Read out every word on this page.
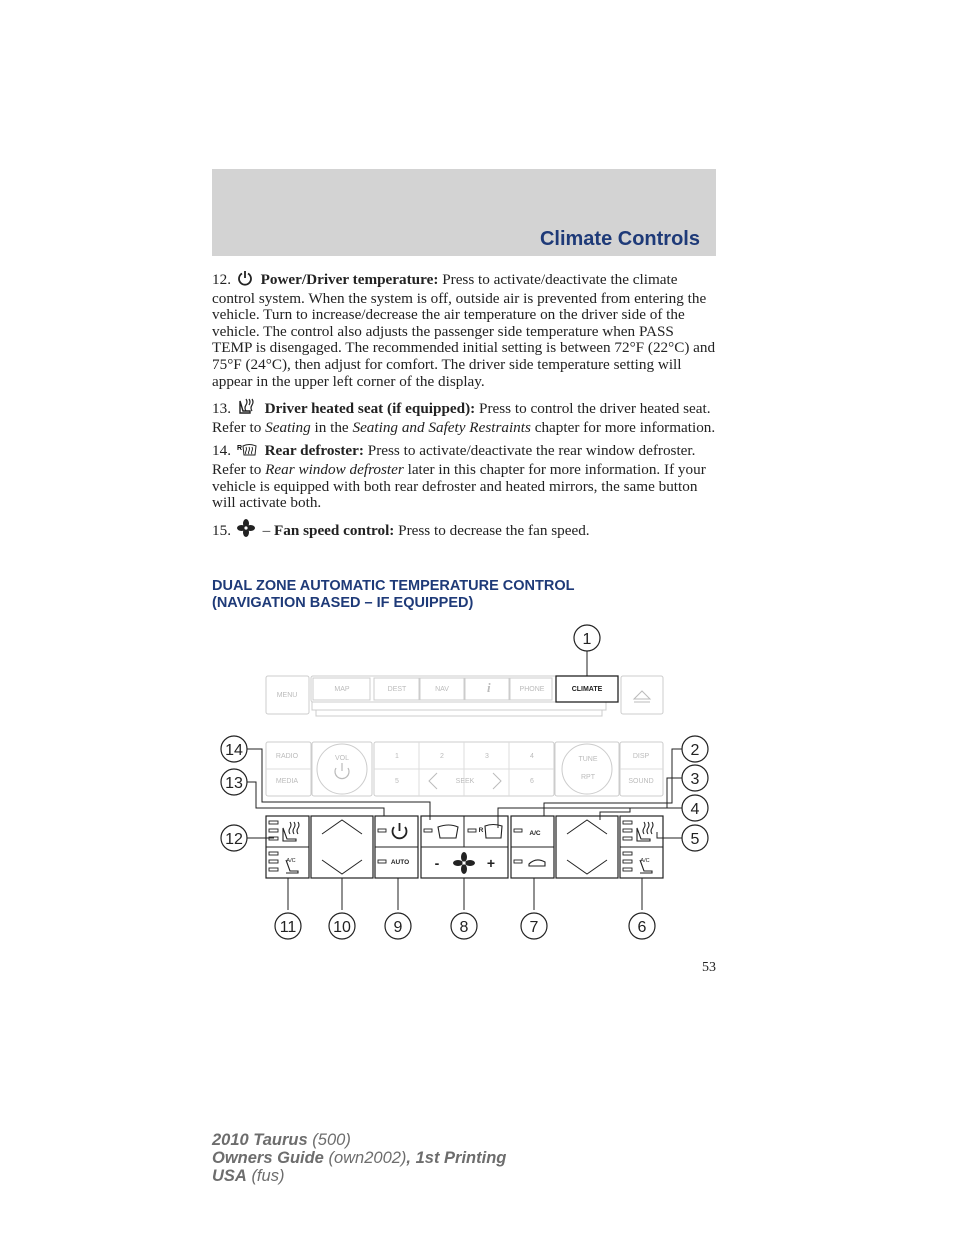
Climate Controls

12. Power/Driver temperature: Press to activate/deactivate the climate control system. When the system is off, outside air is prevented from entering the vehicle. Turn to increase/decrease the air temperature on the driver side of the vehicle. The control also adjusts the passenger side temperature when PASS TEMP is disengaged. The recommended initial setting is between 72°F (22°C) and 75°F (24°C), then adjust for comfort. The driver side temperature setting will appear in the upper left corner of the display.

13. Driver heated seat (if equipped): Press to control the driver heated seat. Refer to Seating in the Seating and Safety Restraints chapter for more information.

14. R Rear defroster: Press to activate/deactivate the rear window defroster. Refer to Rear window defroster later in this chapter for more information. If your vehicle is equipped with both rear defroster and heated mirrors, the same button will activate both.

15. – Fan speed control: Press to decrease the fan speed.

DUAL ZONE AUTOMATIC TEMPERATURE CONTROL
(NAVIGATION BASED – IF EQUIPPED)
MENU
MAP	DEST	NAV	PHONE
i	CLIMATE
RADIO	1	2	3	4	DISP
MEDIA	5	6	SOUND
SEEK
VOL	TUNE
RPT
AUTO
A/C
R
A/C	A/C
-	+
1
2
3
4
5
6
7
8
9
10
11
12
13
14
53
2010 Taurus (500)
Owners Guide (own2002), 1st Printing
USA (fus)
